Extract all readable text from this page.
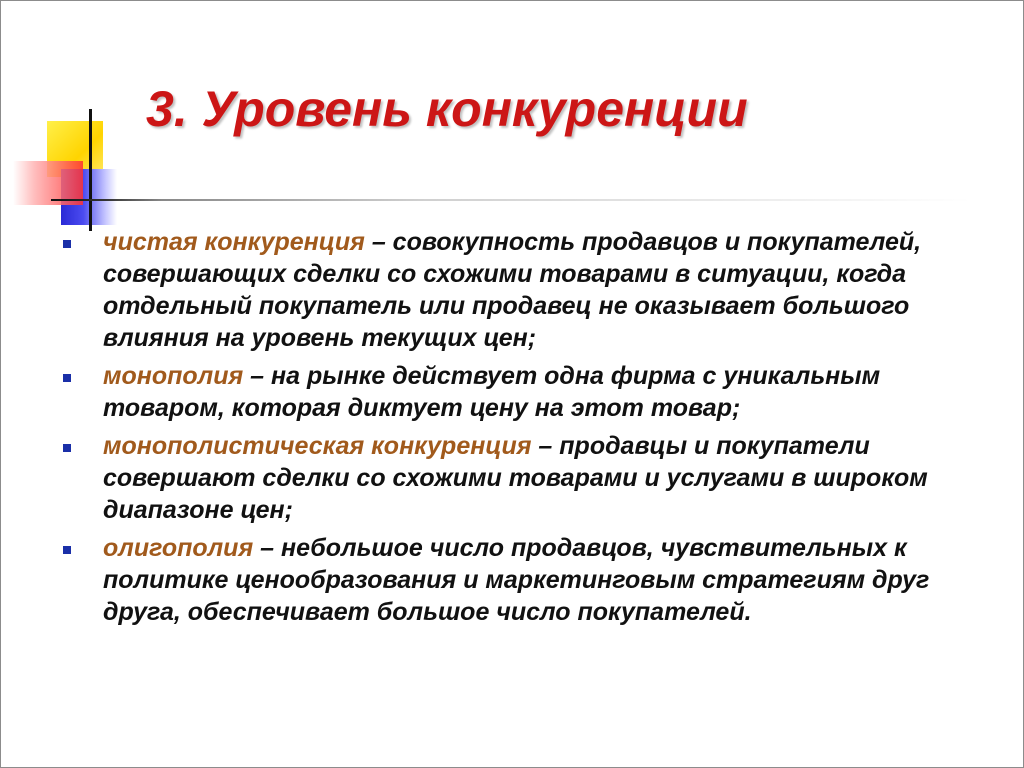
3. Уровень конкуренции
чистая конкуренция – совокупность продавцов и покупателей, совершающих сделки со схожими товарами в ситуации, когда отдельный покупатель или продавец не оказывает большого влияния на уровень текущих цен;
монополия – на рынке действует одна фирма с уникальным товаром, которая диктует цену на этот товар;
монополистическая конкуренция – продавцы и покупатели совершают сделки со схожими товарами и услугами в широком диапазоне цен;
олигополия – небольшое число продавцов, чувствительных к политике ценообразования и маркетинговым стратегиям друг друга, обеспечивает большое число покупателей.
